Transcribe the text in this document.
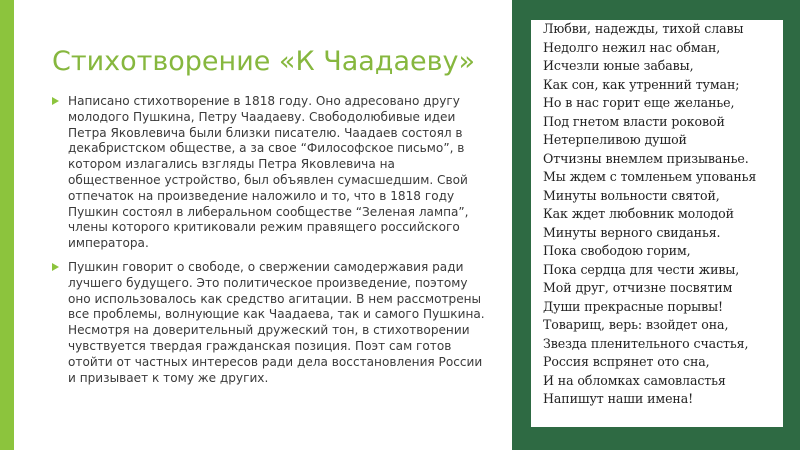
Стихотворение «К Чаадаеву»
Написано стихотворение в 1818 году. Оно адресовано другу молодого Пушкина, Петру Чаадаеву. Свободолюбивые идеи Петра Яковлевича были близки писателю. Чаадаев состоял в декабристском обществе, а за свое “Философское письмо”, в котором излагались взгляды Петра Яковлевича на общественное устройство, был объявлен сумасшедшим. Свой отпечаток на произведение наложило и то, что в 1818 году Пушкин состоял в либеральном сообществе “Зеленая лампа”, члены которого критиковали режим правящего российского императора.
Пушкин говорит о свободе, о свержении самодержавия ради лучшего будущего. Это политическое произведение, поэтому оно использовалось как средство агитации. В нем рассмотрены все проблемы, волнующие как Чаадаева, так и самого Пушкина. Несмотря на доверительный дружеский тон, в стихотворении чувствуется твердая гражданская позиция. Поэт сам готов отойти от частных интересов ради дела восстановления России и призывает к тому же других.
Любви, надежды, тихой славы
Недолго нежил нас обман,
Исчезли юные забавы,
Как сон, как утренний туман;
Но в нас горит еще желанье,
Под гнетом власти роковой
Нетерпеливою душой
Отчизны внемлем призыванье.
Мы ждем с томленьем упованья
Минуты вольности святой,
Как ждет любовник молодой
Минуты верного свиданья.
Пока свободою горим,
Пока сердца для чести живы,
Мой друг, отчизне посвятим
Души прекрасные порывы!
Товарищ, верь: взойдет она,
Звезда пленительного счастья,
Россия вспрянет ото сна,
И на обломках самовластья
Напишут наши имена!
